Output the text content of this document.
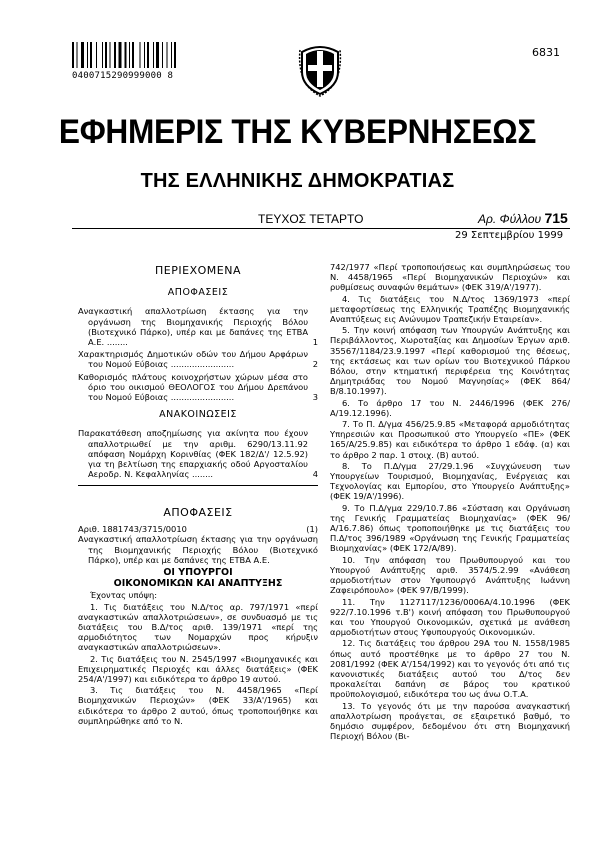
0400715290999000 8
6831
ΕΦΗΜΕΡΙΣ ΤΗΣ ΚΥΒΕΡΝΗΣΕΩΣ
ΤΗΣ ΕΛΛΗΝΙΚΗΣ ΔΗΜΟΚΡΑΤΙΑΣ
ΤΕΥΧΟΣ ΤΕΤΑΡΤΟ	Αρ. Φύλλου 715
29 Σεπτεμβρίου 1999

ΠΕΡΙΕΧΟΜΕΝΑ

ΑΠΟΦΑΣΕΙΣ

Αναγκαστική απαλλοτρίωση έκτασης για την οργάνωση της Βιομηχανικής Περιοχής Βόλου (Βιοτεχνικό Πάρκο), υπέρ και με δαπάνες της ΕΤΒΑ Α.Ε. ........	1
Χαρακτηρισμός Δημοτικών οδών του Δήμου Αρφάρων του Νομού Εύβοιας ........................	2
Καθορισμός πλάτους κοινοχρήστων χώρων μέσα στο όριο του οικισμού ΘΕΟΛΟΓΟΣ του Δήμου Δρεπάνου του Νομού Εύβοιας ........................	3

ΑΝΑΚΟΙΝΩΣΕΙΣ

Παρακατάθεση αποζημίωσης για ακίνητα που έχουν απαλλοτριωθεί με την αριθμ. 6290/13.11.92 απόφαση Νομάρχη Κορινθίας (ΦΕΚ 182/Δ'/ 12.5.92) για τη βελτίωση της επαρχιακής οδού Αργοσταλίου Αεροδρ. Ν. Κεφαλληνίας ........	4

ΑΠΟΦΑΣΕΙΣ

Αριθ. 1881743/3715/0010	(1)

Αναγκαστική απαλλοτρίωση έκτασης για την οργάνωση της Βιομηχανικής Περιοχής Βόλου (Βιοτεχνικό Πάρκο), υπέρ και με δαπάνες της ΕΤΒΑ Α.Ε.

ΟΙ ΥΠΟΥΡΓΟΙ

ΟΙΚΟΝΟΜΙΚΩΝ ΚΑΙ ΑΝΑΠΤΥΞΗΣ

Έχοντας υπόψη:

1. Τις διατάξεις του Ν.Δ/τος αρ. 797/1971 «περί αναγκαστικών απαλλοτριώσεων», σε συνδυασμό με τις διατάξεις του Β.Δ/τος αριθ. 139/1971 «περί της αρμοδιότητος των Νομαρχών προς κήρυξιν αναγκαστικών απαλλοτριώσεων».

2. Τις διατάξεις του Ν. 2545/1997 «Βιομηχανικές και Επιχειρηματικές Περιοχές και άλλες διατάξεις» (ΦΕΚ 254/Α'/1997) και ειδικότερα το άρθρο 19 αυτού.

3. Τις διατάξεις του Ν. 4458/1965 «Περί Βιομηχανικών Περιοχών» (ΦΕΚ 33/Α'/1965) και ειδικότερα το άρθρο 2 αυτού, όπως τροποποιήθηκε και συμπληρώθηκε από το Ν.

742/1977 «Περί τροποποιήσεως και συμπληρώσεως του Ν. 4458/1965 «Περί Βιομηχανικών Περιοχών» και ρυθμίσεως συναφών θεμάτων» (ΦΕΚ 319/Α'/1977).

4. Τις διατάξεις του Ν.Δ/τος 1369/1973 «περί μεταφορτίσεως της Ελληνικής Τραπέζης Βιομηχανικής Αναπτύξεως εις Ανώνυμον Τραπεζικήν Εταιρείαν».

5. Την κοινή απόφαση των Υπουργών Ανάπτυξης και Περιβάλλοντος, Χωροταξίας και Δημοσίων Έργων αριθ. 35567/1184/23.9.1997 «Περί καθορισμού της θέσεως, της εκτάσεως και των ορίων του Βιοτεχνικού Πάρκου Βόλου, στην κτηματική περιφέρεια της Κοινότητας Δημητριάδας του Νομού Μαγνησίας» (ΦΕΚ 864/Β/8.10.1997).

6. Το άρθρο 17 του Ν. 2446/1996 (ΦΕΚ 276/Α/19.12.1996).

7. Το Π. Δ/γμα 456/25.9.85 «Μεταφορά αρμοδιότητας Υπηρεσιών και Προσωπικού στο Υπουργείο «ΠΕ» (ΦΕΚ 165/Α/25.9.85) και ειδικότερα το άρθρο 1 εδάφ. (α) και το άρθρο 2 παρ. 1 στοιχ. (Β) αυτού.

8. Το Π.Δ/γμα 27/29.1.96 «Συγχώνευση των Υπουργείων Τουρισμού, Βιομηχανίας, Ενέργειας και Τεχνολογίας και Εμπορίου, στο Υπουργείο Ανάπτυξης» (ΦΕΚ 19/Α'/1996).

9. Το Π.Δ/γμα 229/10.7.86 «Σύσταση και Οργάνωση της Γενικής Γραμματείας Βιομηχανίας» (ΦΕΚ 96/Α/16.7.86) όπως τροποποιήθηκε με τις διατάξεις του Π.Δ/τος 396/1989 «Οργάνωση της Γενικής Γραμματείας Βιομηχανίας» (ΦΕΚ 172/Α/89).

10. Την απόφαση του Πρωθυπουργού και του Υπουργού Ανάπτυξης αριθ. 3574/5.2.99 «Ανάθεση αρμοδιοτήτων στον Υφυπουργό Ανάπτυξης Ιωάννη Ζαφειρόπουλο» (ΦΕΚ 97/Β/1999).

11. Την 1127117/1236/0006Α/4.10.1996 (ΦΕΚ 922/7.10.1996 τ.Β') κοινή απόφαση του Πρωθυπουργού και του Υπουργού Οικονομικών, σχετικά με ανάθεση αρμοδιοτήτων στους Υφυπουργούς Οικονομικών.

12. Τις διατάξεις του άρθρου 29Α του Ν. 1558/1985 όπως αυτό προστέθηκε με το άρθρο 27 του Ν. 2081/1992 (ΦΕΚ Α'/154/1992) και το γεγονός ότι από τις κανονιστικές διατάξεις αυτού του Δ/τος δεν προκαλείται δαπάνη σε βάρος του κρατικού προϋπολογισμού, ειδικότερα του ως άνω Ο.Τ.Α.

13. Το γεγονός ότι με την παρούσα αναγκαστική απαλλοτρίωση προάγεται, σε εξαιρετικό βαθμό, το δημόσιο συμφέρον, δεδομένου ότι στη Βιομηχανική Περιοχή Βόλου (Βι-
